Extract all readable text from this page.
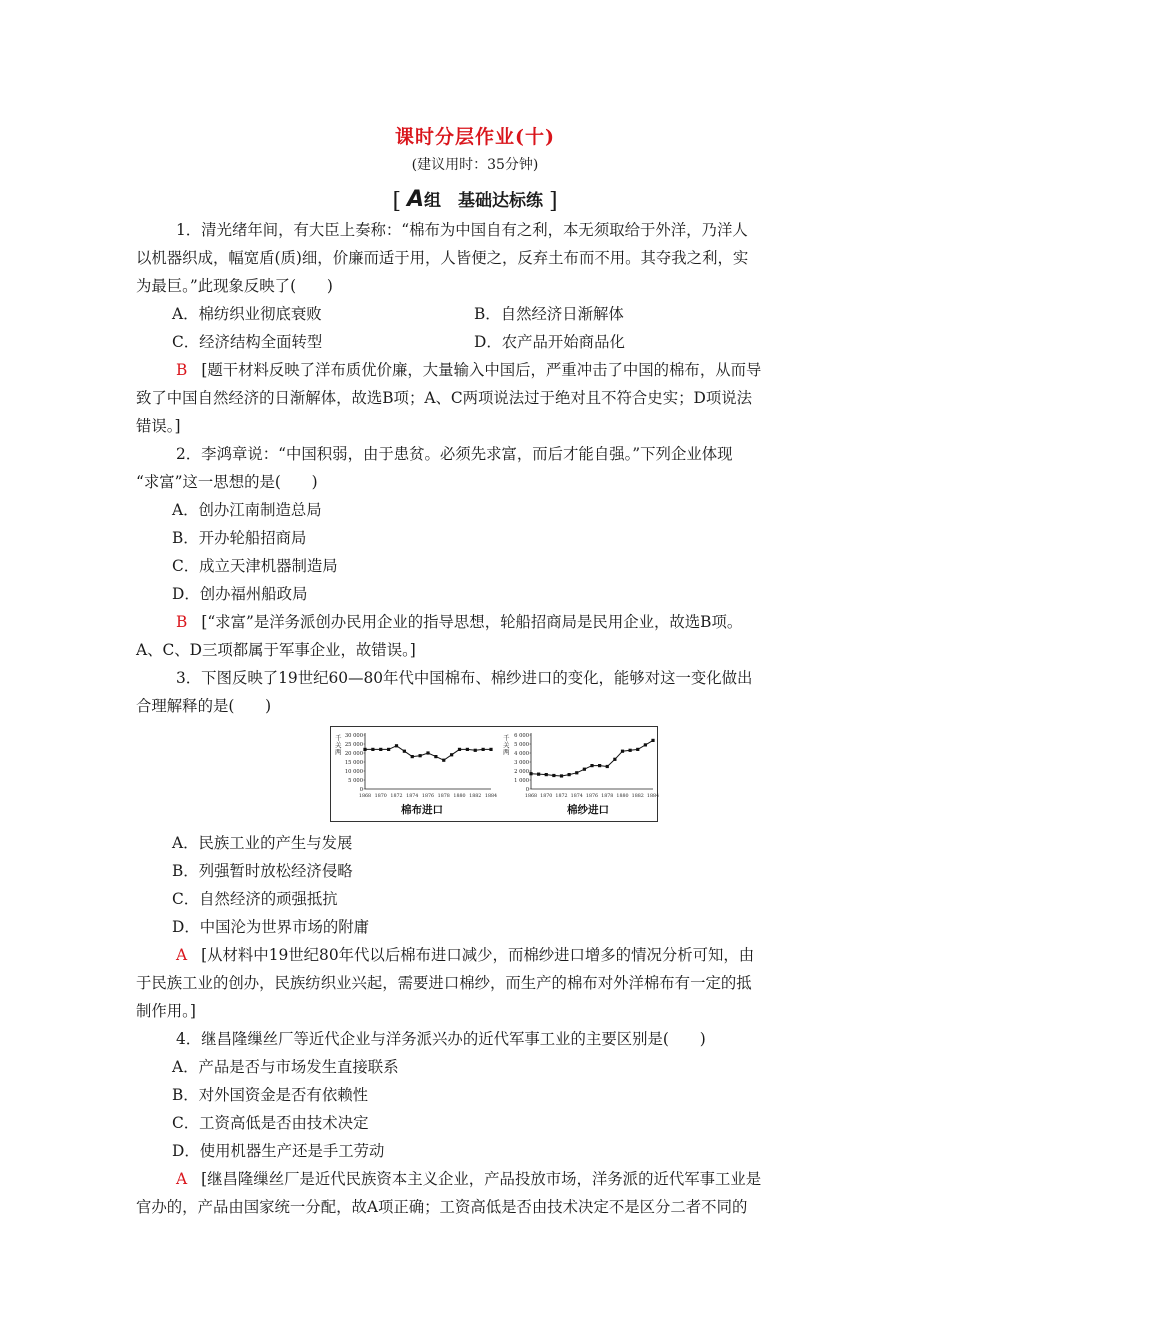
课时分层作业(十)
(建议用时：35分钟)
[ A组　基础达标练 ]
1．清光绪年间，有大臣上奏称：“棉布为中国自有之利，本无须取给于外洋，乃洋人
以机器织成，幅宽盾(质)细，价廉而适于用，人皆便之，反弃土布而不用。其夺我之利，实
为最巨。”此现象反映了(　　)
A．棉纺织业彻底衰败	B．自然经济日渐解体
C．经济结构全面转型	D．农产品开始商品化
B [题干材料反映了洋布质优价廉，大量输入中国后，严重冲击了中国的棉布，从而导
致了中国自然经济的日渐解体，故选B项；A、C两项说法过于绝对且不符合史实；D项说法
错误。]
2．李鸿章说：“中国积弱，由于患贫。必须先求富，而后才能自强。”下列企业体现
“求富”这一思想的是(　　)
A．创办江南制造总局
B．开办轮船招商局
C．成立天津机器制造局
D．创办福州船政局
B [“求富”是洋务派创办民用企业的指导思想，轮船招商局是民用企业，故选B项。
A、C、D三项都属于军事企业，故错误。]
3．下图反映了19世纪60—80年代中国棉布、棉纱进口的变化，能够对这一变化做出
合理解释的是(　　)
千
关
两
30 000
25 000
20 000
15 000
10 000
5 000
0
1868 1870 1872 1874 1876 1878 1880 1882 1884
棉布进口
千
关
两
6 000
5 000
4 000
3 000
2 000
1 000
0
1868 1870 1872 1874 1876 1878 1880 1882 1884
棉纱进口
A．民族工业的产生与发展
B．列强暂时放松经济侵略
C．自然经济的顽强抵抗
D．中国沦为世界市场的附庸
A [从材料中19世纪80年代以后棉布进口减少，而棉纱进口增多的情况分析可知，由
于民族工业的创办，民族纺织业兴起，需要进口棉纱，而生产的棉布对外洋棉布有一定的抵
制作用。]
4．继昌隆缫丝厂等近代企业与洋务派兴办的近代军事工业的主要区别是(　　)
A．产品是否与市场发生直接联系
B．对外国资金是否有依赖性
C．工资高低是否由技术决定
D．使用机器生产还是手工劳动
A [继昌隆缫丝厂是近代民族资本主义企业，产品投放市场，洋务派的近代军事工业是
官办的，产品由国家统一分配，故A项正确；工资高低是否由技术决定不是区分二者不同的
